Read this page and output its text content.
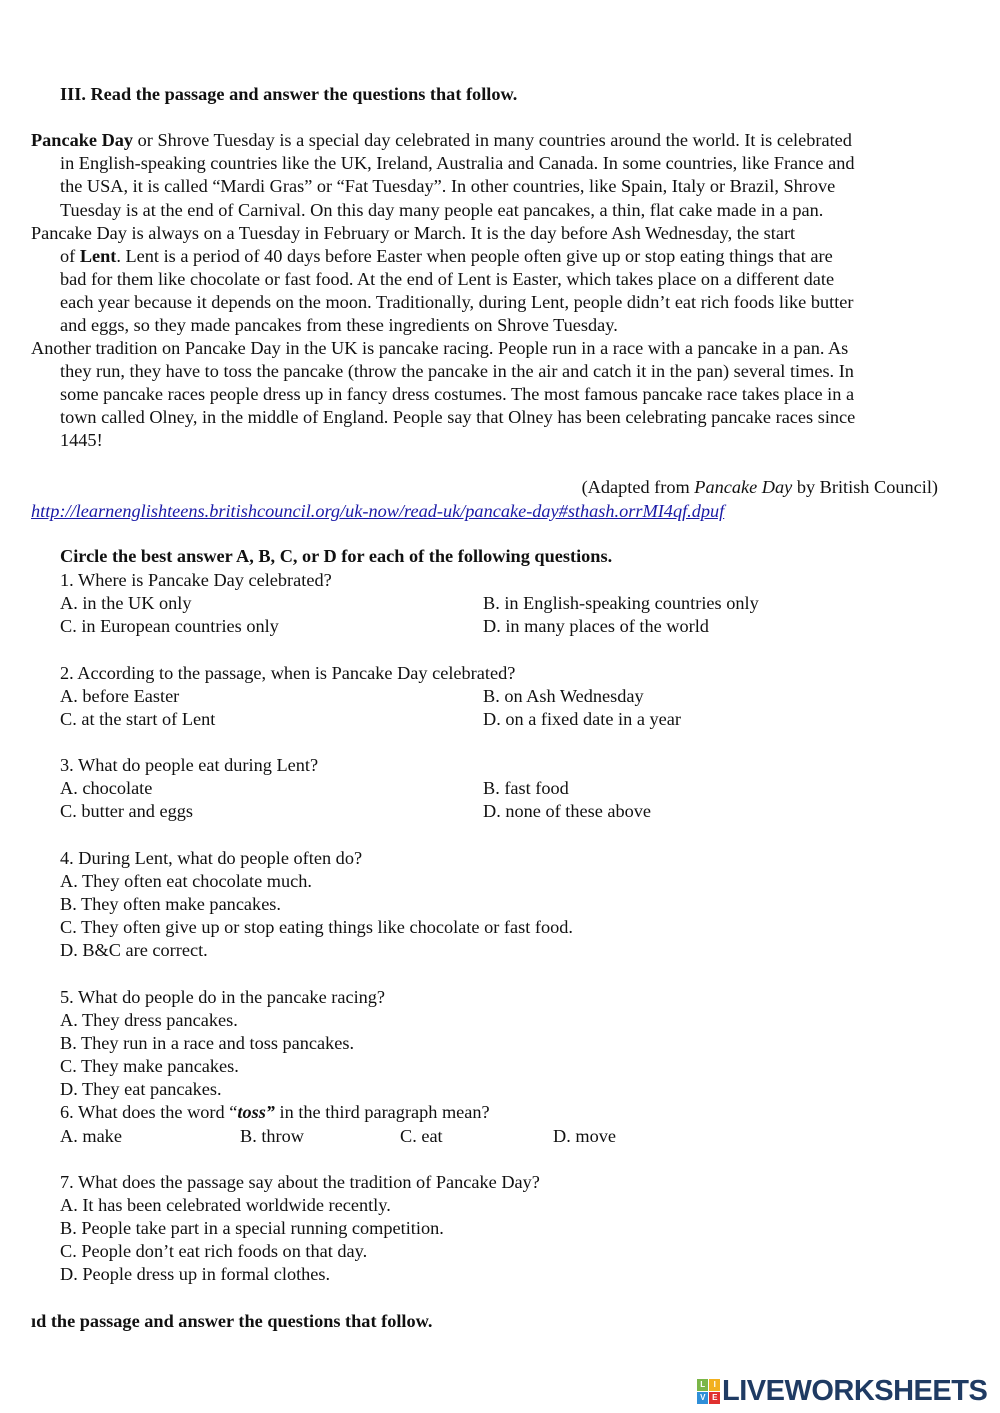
III. Read the passage and answer the questions that follow.
Pancake Day or Shrove Tuesday is a special day celebrated in many countries around the world. It is celebrated
in English-speaking countries like the UK, Ireland, Australia and Canada. In some countries, like France and
the USA, it is called “Mardi Gras” or “Fat Tuesday”. In other countries, like Spain, Italy or Brazil, Shrove
Tuesday is at the end of Carnival. On this day many people eat pancakes, a thin, flat cake made in a pan.
Pancake Day is always on a Tuesday in February or March. It is the day before Ash Wednesday, the start
of Lent. Lent is a period of 40 days before Easter when people often give up or stop eating things that are
bad for them like chocolate or fast food. At the end of Lent is Easter, which takes place on a different date
each year because it depends on the moon. Traditionally, during Lent, people didn’t eat rich foods like butter
and eggs, so they made pancakes from these ingredients on Shrove Tuesday.
Another tradition on Pancake Day in the UK is pancake racing. People run in a race with a pancake in a pan. As
they run, they have to toss the pancake (throw the pancake in the air and catch it in the pan) several times. In
some pancake races people dress up in fancy dress costumes. The most famous pancake race takes place in a
town called Olney, in the middle of England. People say that Olney has been celebrating pancake races since
1445!
(Adapted from Pancake Day by British Council)
http://learnenglishteens.britishcouncil.org/uk-now/read-uk/pancake-day#sthash.orrMI4qf.dpuf
Circle the best answer A, B, C, or D for each of the following questions.
1. Where is Pancake Day celebrated?
A. in the UK only	B. in English-speaking countries only
C. in European countries only	D. in many places of the world
2. According to the passage, when is Pancake Day celebrated?
A. before Easter	B. on Ash Wednesday
C. at the start of Lent	D. on a fixed date in a year
3. What do people eat during Lent?
A. chocolate	B. fast food
C. butter and eggs	D. none of these above
4. During Lent, what do people often do?
A. They often eat chocolate much.
B. They often make pancakes.
C. They often give up or stop eating things like chocolate or fast food.
D. B&C are correct.
5. What do people do in the pancake racing?
A. They dress pancakes.
B. They run in a race and toss pancakes.
C. They make pancakes.
D. They eat pancakes.
6. What does the word “toss” in the third paragraph mean?
A. make	B. throw	C. eat	D. move
7. What does the passage say about the tradition of Pancake Day?
A. It has been celebrated worldwide recently.
B. People take part in a special running competition.
C. People don’t eat rich foods on that day.
D. People dress up in formal clothes.
ıd the passage and answer the questions that follow.
L	I
V E LIVEWORKSHEETS
